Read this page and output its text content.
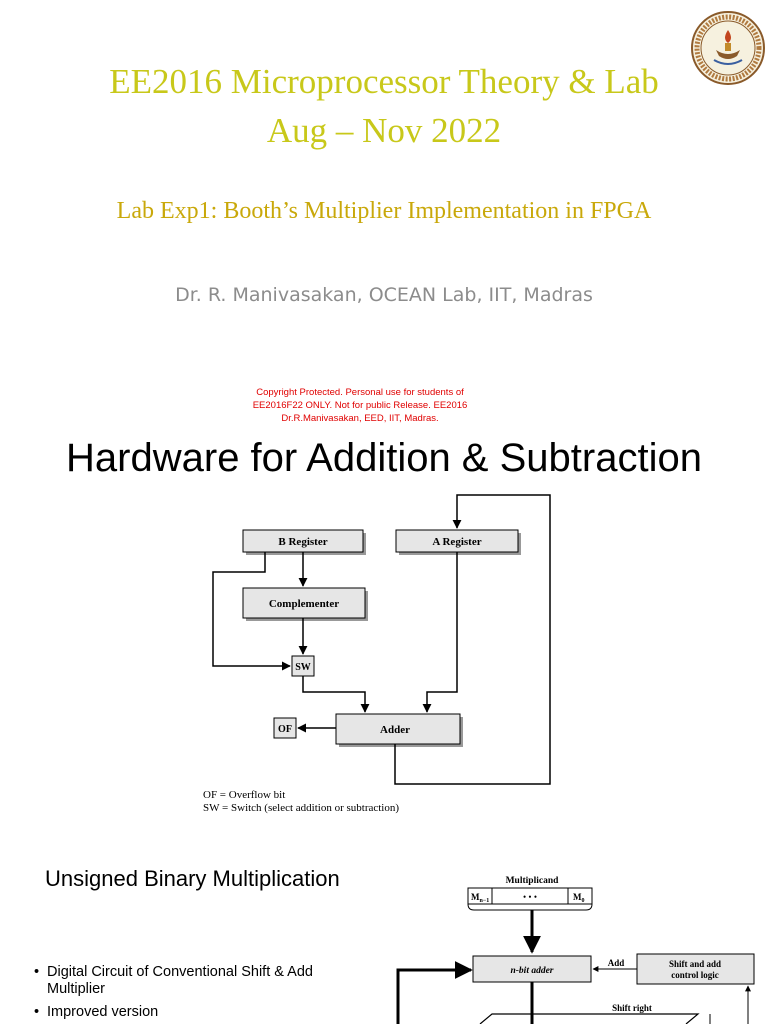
EE2016 Microprocessor Theory & Lab
Aug – Nov 2022
Lab Exp1: Booth’s Multiplier Implementation in FPGA
Dr. R. Manivasakan, OCEAN Lab, IIT, Madras
Copyright Protected. Personal use for students of
EE2016F22 ONLY. Not for public Release. EE2016
Dr.R.Manivasakan, EED, IIT, Madras.
Hardware for Addition & Subtraction
B Register	A Register
Complementer
SW
Adder
OF
OF = Overflow bit
SW = Switch (select addition or subtraction)
Unsigned Binary Multiplication
• Digital Circuit of Conventional Shift & Add Multiplier
• Improved version
Multiplicand
$M_{n-1}$	• • •	$M_0$
n-bit adder
Shift and add
control logic
Add
Shift right
